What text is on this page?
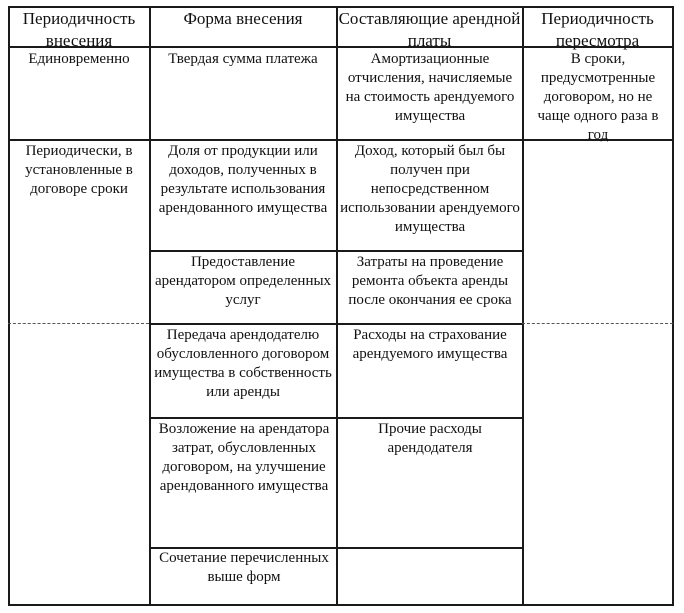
Периодичность внесения
Форма внесения	Составляющие арендной платы
Периодичность пересмотра
Единовременно
Периодически, в установленные в договоре сроки
Твердая сумма платежа
Доля от продукции или доходов, полученных в результате использования арендованного имущества
Предоставление арендатором определенных услуг
Передача арендодателю обусловленного договором имущества в собственность или аренды
Возложение на арендатора затрат, обусловленных договором, на улучшение арендованного имущества
Сочетание перечисленных выше форм
Амортизационные отчисления, начисляемые на стоимость арендуемого имущества
Доход, который был бы получен при непосредственном использовании арендуемого имущества
Затраты на проведение ремонта объекта аренды после окончания ее срока
Расходы на страхование арендуемого имущества
Прочие расходы арендодателя
В сроки, предусмотренные договором, но не чаще одного раза в год
